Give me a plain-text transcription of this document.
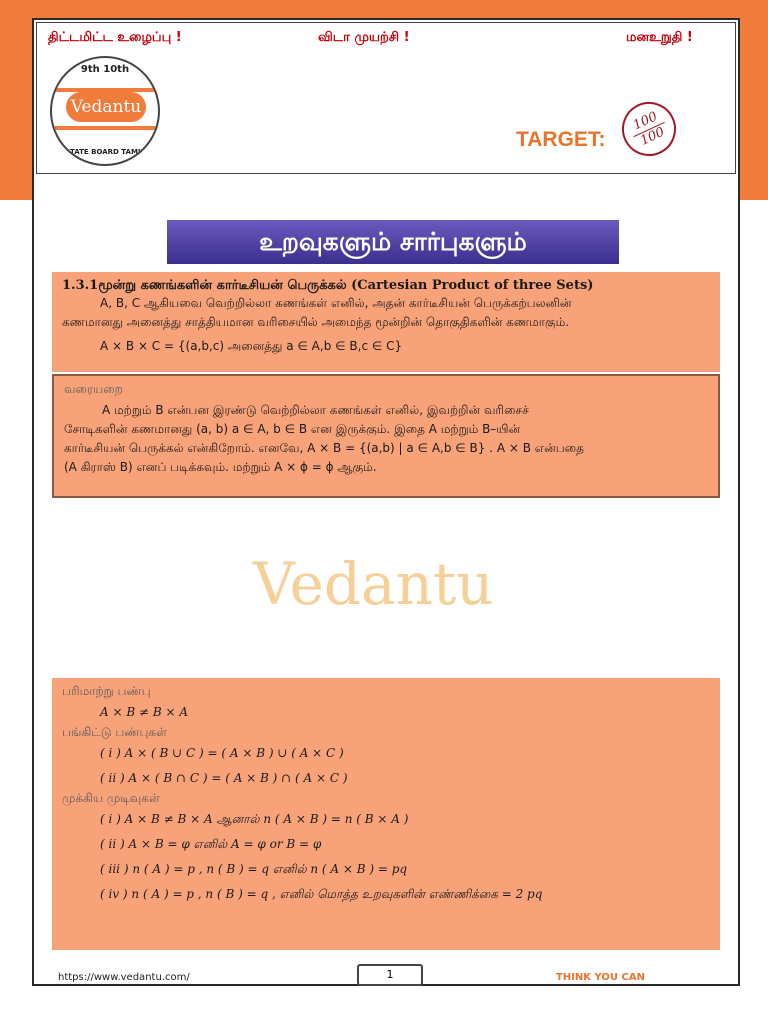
திட்டமிட்ட உழைப்பு !	விடா முயற்சி !	மனஉறுதி !
9th 10th
Vedantu
STATE BOARD TAMIL
TARGET:
100
100
10th Maths சூத்திரங்கள் மற்றும் வரையறைகள்
உறவுகளும் சார்புகளும்
1.3.1மூன்று கணங்களின் கார்டீசியன் பெருக்கல் (Cartesian Product of three Sets)
A, B, C ஆகியவை வெற்றில்லா கணங்கள் எனில், அதன் கார்டீசியன் பெருக்கற்பலனின்
கணமானது அனைத்து சாத்தியமான வரிசையில் அமைந்த மூன்றின் தொகுதிகளின் கணமாகும்.
A × B × C = {(a,b,c) அனைத்து a ∈ A,b ∈ B,c ∈ C}
வரையறை
A மற்றும் B என்பன இரண்டு வெற்றில்லா கணங்கள் எனில், இவற்றின் வரிசைச்
சோடிகளின் கணமானது (a, b) a ∈ A, b ∈ B என இருக்கும். இதை A மற்றும் B–யின்
கார்டீசியன் பெருக்கல் என்கிறோம். எனவே, A × B = {(a,b) | a ∈ A,b ∈ B} . A × B என்பதை
(A கிராஸ் B) எனப் படிக்கவும். மற்றும் A × ϕ = ϕ ஆகும்.
Vedantu
பரிமாற்று பண்பு
A × B ≠ B × A
பங்கிட்டு பண்புகள்
( i ) A × ( B ∪ C ) = ( A × B ) ∪ ( A × C )
( ii ) A × ( B ∩ C ) = ( A × B ) ∩ ( A × C )
முக்கிய முடிவுகள்
( i ) A × B ≠ B × A ஆனால் n ( A × B ) = n ( B × A )
( ii ) A × B = φ எனில் A = φ or B = φ
( iii ) n ( A ) = p , n ( B ) = q எனில் n ( A × B ) = pq
( iv ) n ( A ) = p , n ( B ) = q , எனில் மொத்த உறவுகளின் எண்ணிக்கை = 2 pq
https://www.vedantu.com/	1	THINK YOU CAN
